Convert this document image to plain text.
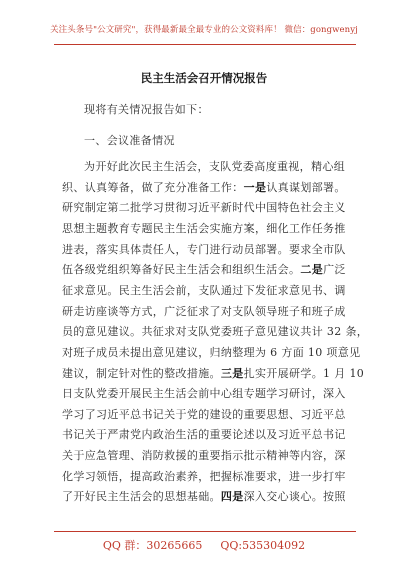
关注头条号"公文研究"，获得最新最全最专业的公文资料库！ 微信：gongwenyj
民主生活会召开情况报告
现将有关情况报告如下：
一、会议准备情况
为开好此次民主生活会，支队党委高度重视，精心组
织、认真筹备，做了充分准备工作：一是认真谋划部署。
研究制定第二批学习贯彻习近平新时代中国特色社会主义
思想主题教育专题民主生活会实施方案，细化工作任务推
进表，落实具体责任人，专门进行动员部署。要求全市队
伍各级党组织筹备好民主生活会和组织生活会。二是广泛
征求意见。民主生活会前，支队通过下发征求意见书、调
研走访座谈等方式，广泛征求了对支队领导班子和班子成
员的意见建议。共征求对支队党委班子意见建议共计 32 条，
对班子成员未提出意见建议，归纳整理为 6 方面 10 项意见
建议，制定针对性的整改措施。三是扎实开展研学。1 月 10
日支队党委开展民主生活会前中心组专题学习研讨，深入
学习了习近平总书记关于党的建设的重要思想、习近平总
书记关于严肃党内政治生活的重要论述以及习近平总书记
关于应急管理、消防救援的重要指示批示精神等内容，深
化学习领悟，提高政治素养，把握标准要求，进一步打牢
了开好民主生活会的思想基础。四是深入交心谈心。按照
QQ 群：30265665 QQ:535304092
